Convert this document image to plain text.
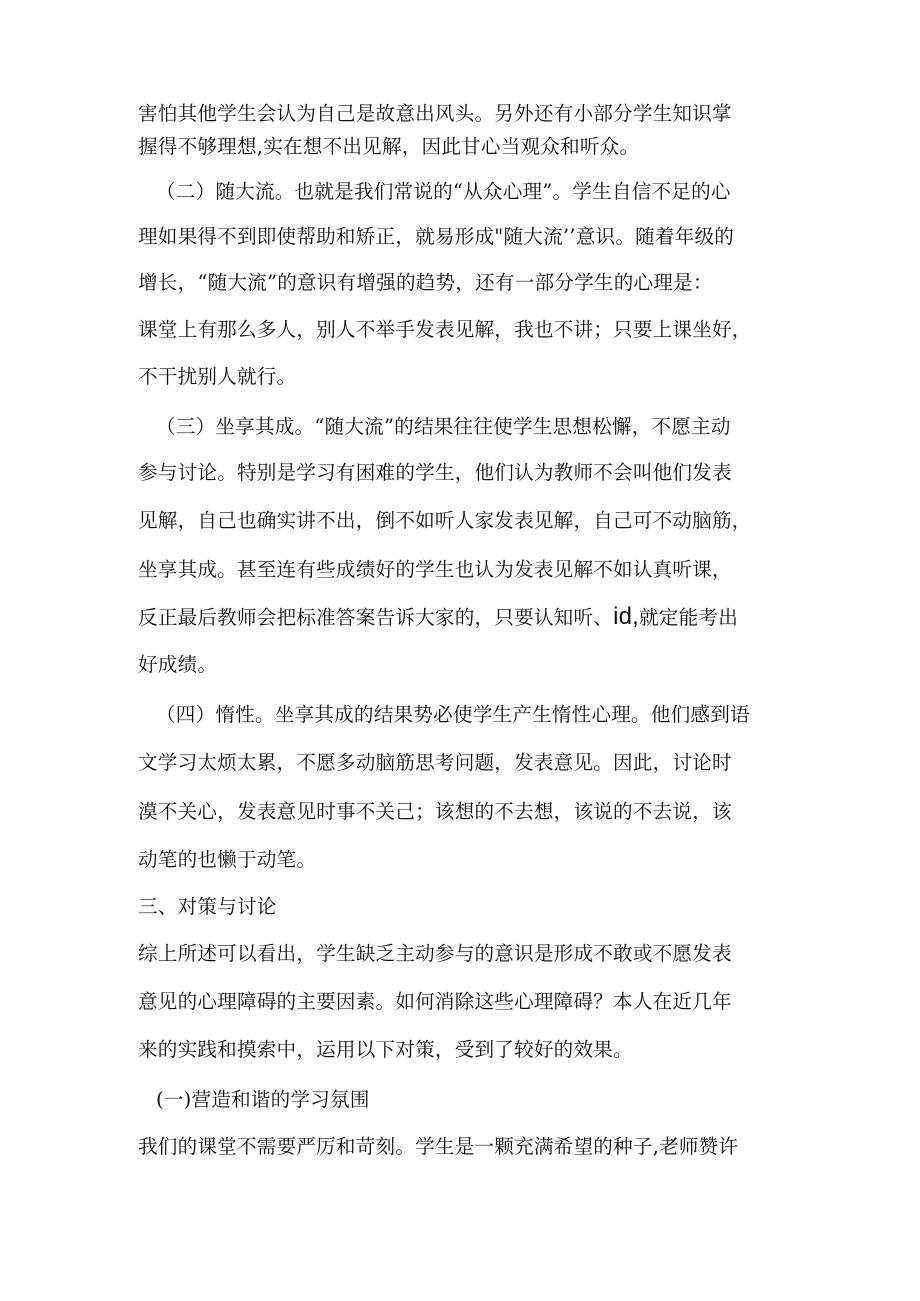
害怕其他学生会认为自己是故意出风头。另外还有小部分学生知识掌
握得不够理想,实在想不出见解，因此甘心当观众和听众。
（二）随大流。也就是我们常说的“从众心理”。学生自信不足的心
理如果得不到即使帮助和矫正，就易形成"随大流’’意识。随着年级的
增长，“随大流”的意识有增强的趋势，还有一部分学生的心理是：
课堂上有那么多人，别人不举手发表见解，我也不讲；只要上课坐好，
不干扰别人就行。
（三）坐享其成。“随大流”的结果往往使学生思想松懈，不愿主动
参与讨论。特别是学习有困难的学生，他们认为教师不会叫他们发表
见解，自己也确实讲不出，倒不如听人家发表见解，自己可不动脑筋，
坐享其成。甚至连有些成绩好的学生也认为发表见解不如认真听课，
反正最后教师会把标准答案告诉大家的，只要认知听、id,就定能考出
好成绩。
（四）惰性。坐享其成的结果势必使学生产生惰性心理。他们感到语
文学习太烦太累，不愿多动脑筋思考问题，发表意见。因此，讨论时
漠不关心，发表意见时事不关己；该想的不去想，该说的不去说，该
动笔的也懒于动笔。
三、对策与讨论
综上所述可以看出，学生缺乏主动参与的意识是形成不敢或不愿发表
意见的心理障碍的主要因素。如何消除这些心理障碍？本人在近几年
来的实践和摸索中，运用以下对策，受到了较好的效果。
(一)营造和谐的学习氛围
我们的课堂不需要严厉和苛刻。学生是一颗充满希望的种子,老师赞许
